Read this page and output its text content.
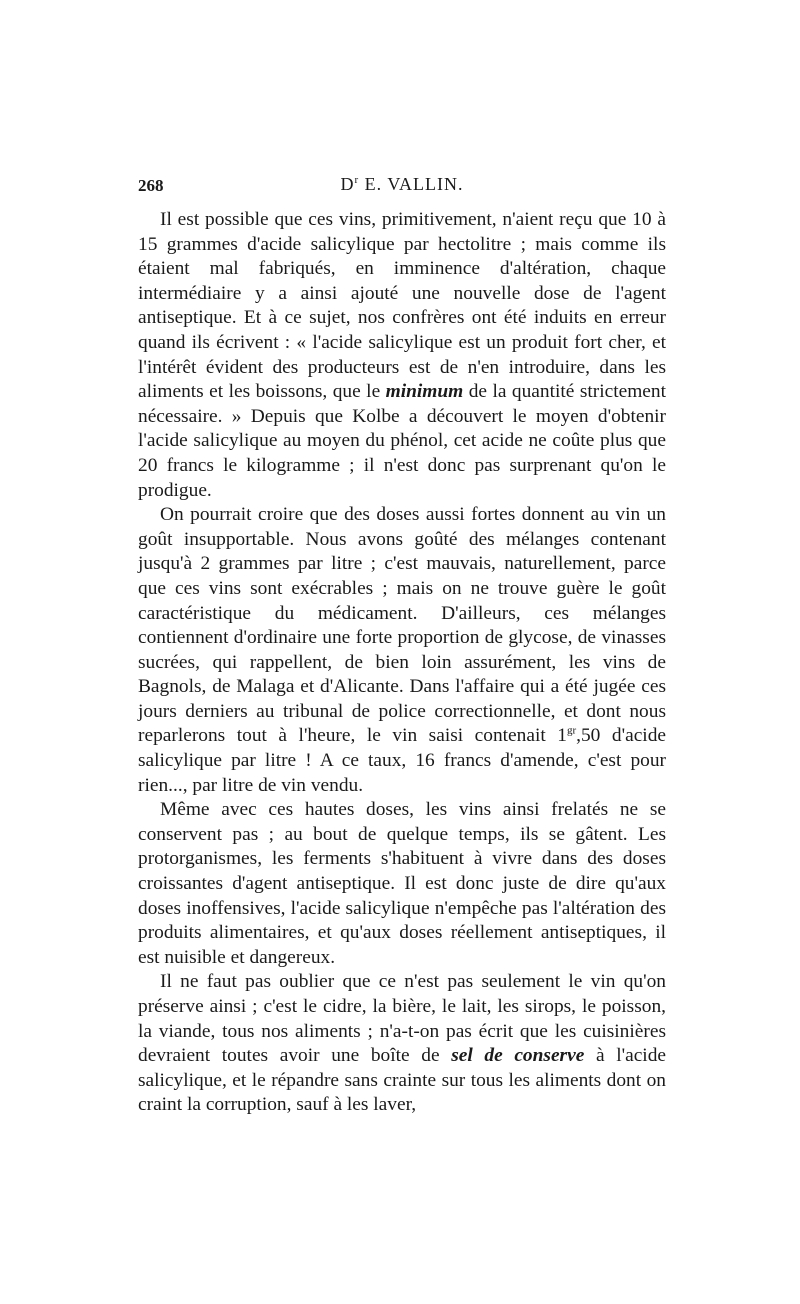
268	$D^r$ E. VALLIN.

Il est possible que ces vins, primitivement, n'aient reçu que 10 à 15 grammes d'acide salicylique par hectolitre ; mais comme ils étaient mal fabriqués, en imminence d'altération, chaque intermédiaire y a ainsi ajouté une nouvelle dose de l'agent antiseptique. Et à ce sujet, nos confrères ont été induits en erreur quand ils écrivent : « l'acide salicylique est un produit fort cher, et l'intérêt évident des producteurs est de n'en introduire, dans les aliments et les boissons, que le minimum de la quantité strictement nécessaire. » Depuis que Kolbe a découvert le moyen d'obtenir l'acide salicylique au moyen du phénol, cet acide ne coûte plus que 20 francs le kilogramme ; il n'est donc pas surprenant qu'on le prodigue.

On pourrait croire que des doses aussi fortes donnent au vin un goût insupportable. Nous avons goûté des mélanges contenant jusqu'à 2 grammes par litre ; c'est mauvais, naturellement, parce que ces vins sont exécrables ; mais on ne trouve guère le goût caractéristique du médicament. D'ailleurs, ces mélanges contiennent d'ordinaire une forte proportion de glycose, de vinasses sucrées, qui rappellent, de bien loin assurément, les vins de Bagnols, de Malaga et d'Alicante. Dans l'affaire qui a été jugée ces jours derniers au tribunal de police correctionnelle, et dont nous reparlerons tout à l'heure, le vin saisi contenait $1^{gr},50$ d'acide salicylique par litre ! A ce taux, 16 francs d'amende, c'est pour rien..., par litre de vin vendu.

Même avec ces hautes doses, les vins ainsi frelatés ne se conservent pas ; au bout de quelque temps, ils se gâtent. Les protorganismes, les ferments s'habituent à vivre dans des doses croissantes d'agent antiseptique. Il est donc juste de dire qu'aux doses inoffensives, l'acide salicylique n'empêche pas l'altération des produits alimentaires, et qu'aux doses réellement antiseptiques, il est nuisible et dangereux.

Il ne faut pas oublier que ce n'est pas seulement le vin qu'on préserve ainsi ; c'est le cidre, la bière, le lait, les sirops, le poisson, la viande, tous nos aliments ; n'a-t-on pas écrit que les cuisinières devraient toutes avoir une boîte de sel de conserve à l'acide salicylique, et le répandre sans crainte sur tous les aliments dont on craint la corruption, sauf à les laver,
